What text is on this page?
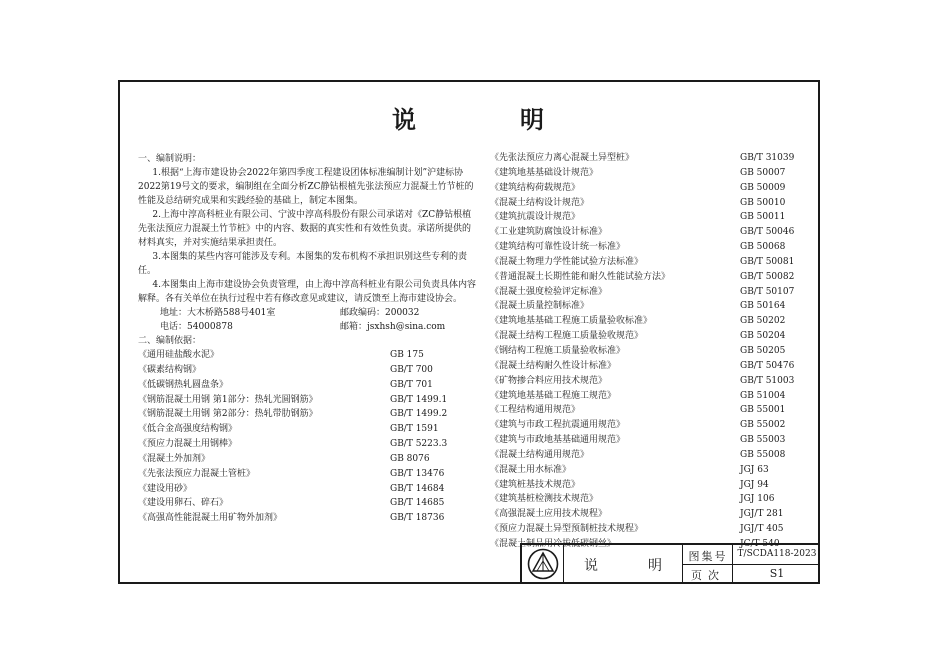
说　明
一、编制说明：
1.根据“上海市建设协会2022年第四季度工程建设团体标准编制计划”沪建标协2022第19号文的要求，编制组在全面分析ZC静钻根植先张法预应力混凝土竹节桩的性能及总结研究成果和实践经验的基础上，制定本图集。
2.上海中淳高科桩业有限公司、宁波中淳高科股份有限公司承诺对《ZC静钻根植先张法预应力混凝土竹节桩》中的内容、数据的真实性和有效性负责。承诺所提供的材料真实，并对实施结果承担责任。
3.本图集的某些内容可能涉及专利。本图集的发布机构不承担识别这些专利的责任。
4.本图集由上海市建设协会负责管理，由上海中淳高科桩业有限公司负责具体内容解释。各有关单位在执行过程中若有修改意见或建议，请反馈至上海市建设协会。
地址：大木桥路588号401室	邮政编码：200032
电话：54000878	邮箱：jsxhsh@sina.com
二、编制依据：
《通用硅盐酸水泥》	GB 175
《碳素结构钢》	GB/T 700
《低碳钢热轧圆盘条》	GB/T 701
《钢筋混凝土用钢 第1部分：热轧光圆钢筋》	GB/T 1499.1
《钢筋混凝土用钢 第2部分：热轧带肋钢筋》	GB/T 1499.2
《低合金高强度结构钢》	GB/T 1591
《预应力混凝土用钢棒》	GB/T 5223.3
《混凝土外加剂》	GB 8076
《先张法预应力混凝土管桩》	GB/T 13476
《建设用砂》	GB/T 14684
《建设用卵石、碎石》	GB/T 14685
《高强高性能混凝土用矿物外加剂》	GB/T 18736
《先张法预应力离心混凝土异型桩》	GB/T 31039
《建筑地基基础设计规范》	GB 50007
《建筑结构荷载规范》	GB 50009
《混凝土结构设计规范》	GB 50010
《建筑抗震设计规范》	GB 50011
《工业建筑防腐蚀设计标准》	GB/T 50046
《建筑结构可靠性设计统一标准》	GB 50068
《混凝土物理力学性能试验方法标准》	GB/T 50081
《普通混凝土长期性能和耐久性能试验方法》	GB/T 50082
《混凝土强度检验评定标准》	GB/T 50107
《混凝土质量控制标准》	GB 50164
《建筑地基基础工程施工质量验收标准》	GB 50202
《混凝土结构工程施工质量验收规范》	GB 50204
《钢结构工程施工质量验收标准》	GB 50205
《混凝土结构耐久性设计标准》	GB/T 50476
《矿物掺合料应用技术规范》	GB/T 51003
《建筑地基基础工程施工规范》	GB 51004
《工程结构通用规范》	GB 55001
《建筑与市政工程抗震通用规范》	GB 55002
《建筑与市政地基基础通用规范》	GB 55003
《混凝土结构通用规范》	GB 55008
《混凝土用水标准》	JGJ 63
《建筑桩基技术规范》	JGJ 94
《建筑基桩检测技术规范》	JGJ 106
《高强混凝土应用技术规程》	JGJ/T 281
《预应力混凝土异型预制桩技术规程》	JGJ/T 405
《混凝土制品用冷拔低碳钢丝》	JC/T 540
说　明
图集号	T/SCDA118-2023
页次	S1
